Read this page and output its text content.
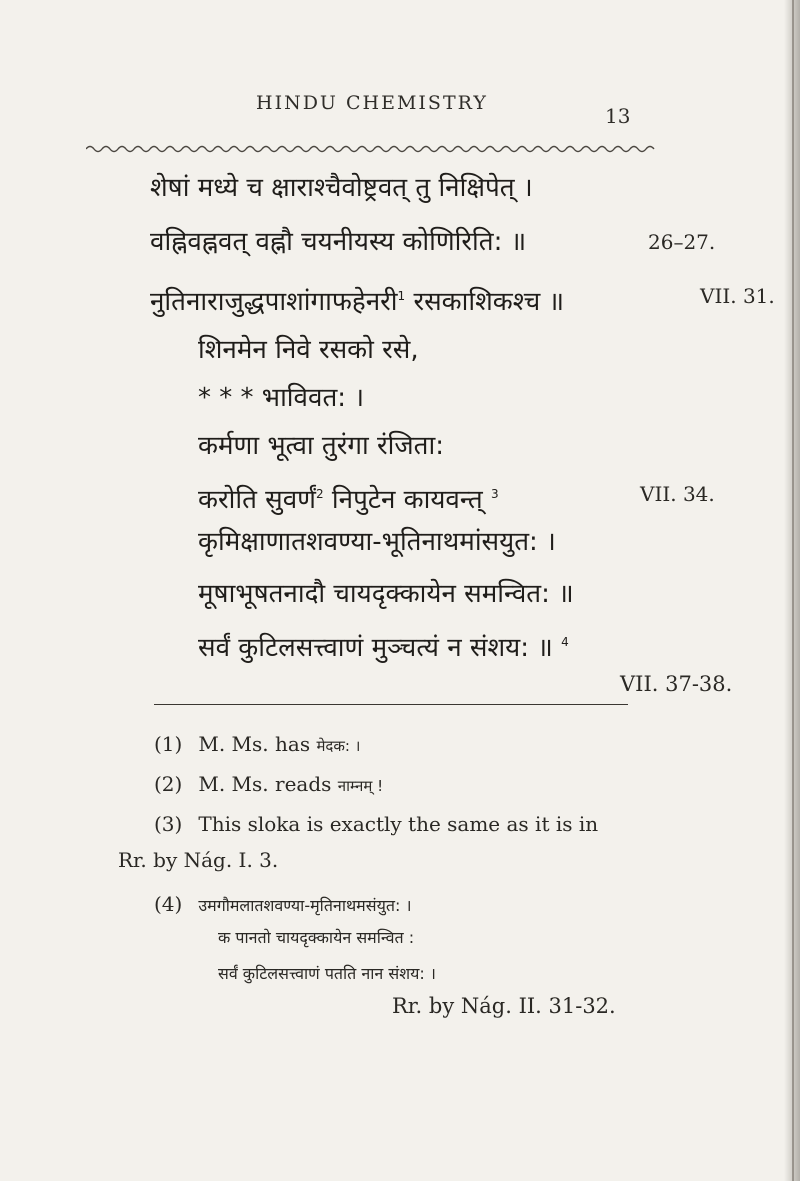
HINDU CHEMISTRY
13
शेषां मध्ये च क्षाराश्चैवोष्ट्रवत् तु निक्षिपेत् ।
वह्निवह्नवत् वह्नौ चयनीयस्य कोणिरिति: ॥	26–27.
नुतिनाराजुद्धपाशांगाफहेनरी1 रसकाशिकश्च ॥	VII. 31.
शिनमेन निवे रसको रसे,
* * * भाविवत: ।
कर्मणा भूत्वा तुरंगा रंजिता:
करोति सुवर्णं2 निपुटेन कायवन्त् 3	VII. 34.
कृमिक्षाणातशवण्या-भूतिनाथमांसयुत: ।
मूषाभूषतनादौ चायदृक्कायेन समन्वित: ॥
सर्वं कुटिलसत्त्वाणं मुञ्चत्यं न संशय: ॥ 4
VII. 37-38.
(1) M. Ms. has मेदक: ।
(2) M. Ms. reads नाम्नम् !
(3) This sloka is exactly the same as it is in
Rr. by Nág. I. 3.
(4) उमगौमलातशवण्या-मृतिनाथमसंयुत: ।
क पानतो चायदृक्कायेन समन्वित :
सर्वं कुटिलसत्त्वाणं पतति नान संशय: ।
Rr. by Nág. II. 31-32.
